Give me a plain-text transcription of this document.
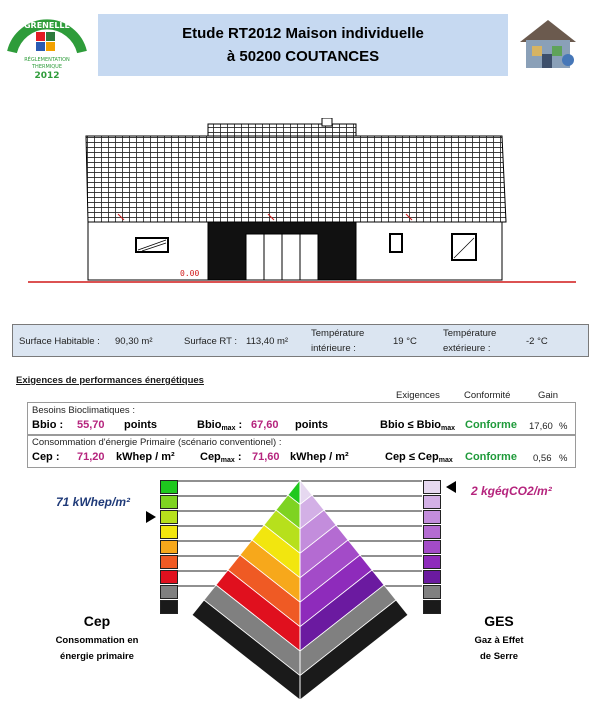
GRENELLE
RÉGLEMENTATION
THERMIQUE
2012
Etude RT2012 Maison individuelle
à 50200 COUTANCES
0.00
Surface Habitable : 90,30 m²	Surface RT : 113,40 m²
Température
intérieure :
19 °C
Température
extérieure :
-2 °C
Exigences de performances énergétiques
Exigences	Conformité	Gain
Besoins Bioclimatiques :
Bbio : 55,70 points	Bbio$_{max}$ : 67,60 points	Bbio ≤ Bbio$_{max}$ Conforme 17,60 %
Consommation d'énergie Primaire (scénario conventionel) :
Cep : 71,20 kWhep / m² Cep$_{max}$ : 71,60 kWhep / m²	Cep ≤ Cep$_{max}$ Conforme 0,56 %
71 kWhep/m²
2 kgéqCO2/m²
Cep
Consommation en
énergie primaire
GES
Gaz à Effet
de Serre
